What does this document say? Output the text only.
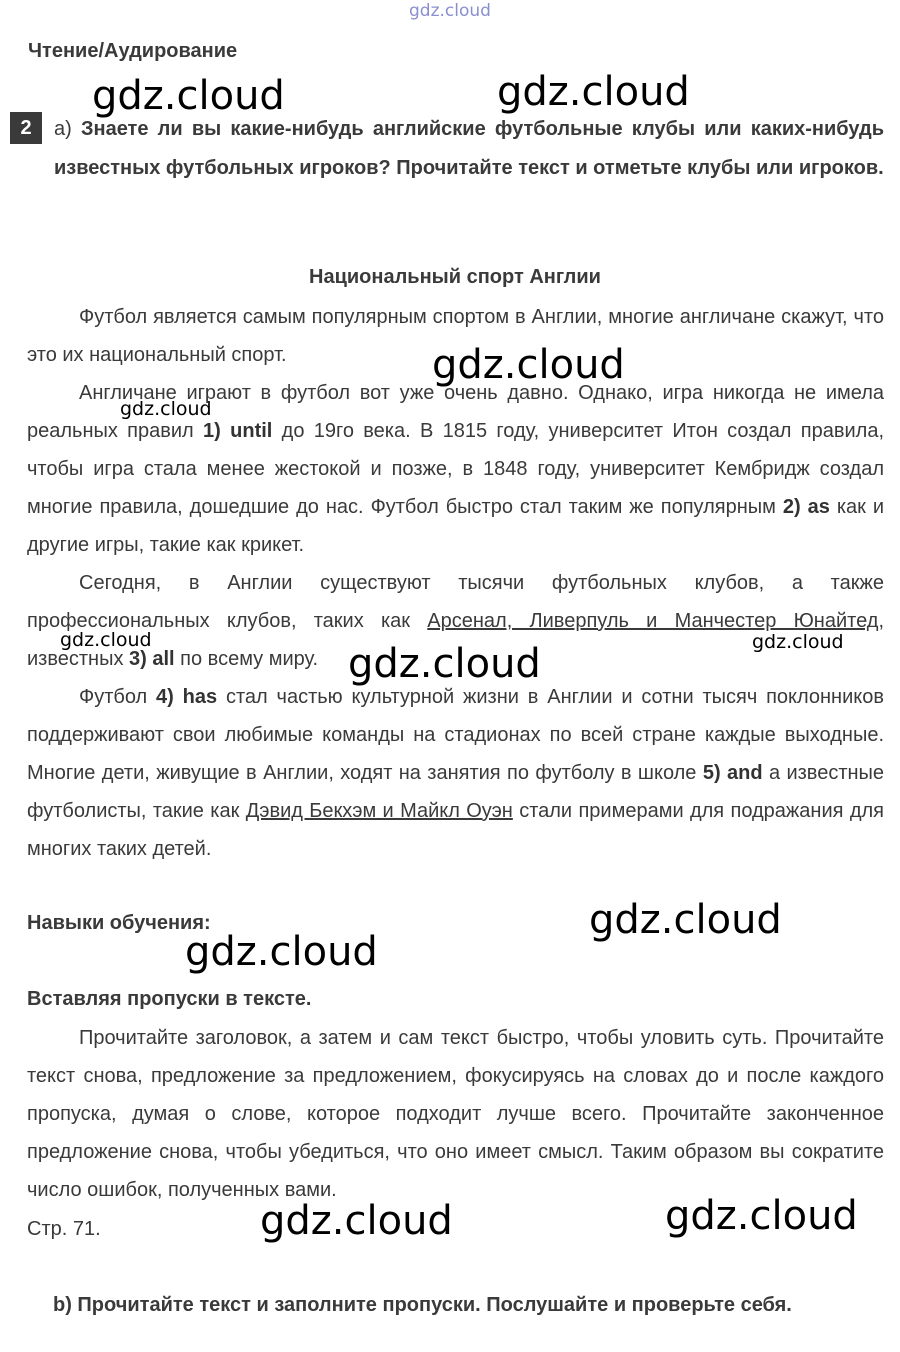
gdz.cloud
Чтение/Аудирование
2	a) Знаете ли вы какие-нибудь английские футбольные клубы или каких-нибудь известных футбольных игроков? Прочитайте текст и отметьте клубы или игроков.
Национальный спорт Англии
Футбол является самым популярным спортом в Англии, многие англичане скажут, что это их национальный спорт.
Англичане играют в футбол вот уже очень давно. Однако, игра никогда не имела реальных правил 1) until до 19го века. В 1815 году, университет Итон создал правила, чтобы игра стала менее жестокой и позже, в 1848 году, университет Кембридж создал многие правила, дошедшие до нас. Футбол быстро стал таким же популярным 2) as как и другие игры, такие как крикет.
Сегодня, в Англии существуют тысячи футбольных клубов, а также профессиональных клубов, таких как Арсенал, Ливерпуль и Манчестер Юнайтед, известных 3) all по всему миру.
Футбол 4) has стал частью культурной жизни в Англии и сотни тысяч поклонников поддерживают свои любимые команды на стадионах по всей стране каждые выходные. Многие дети, живущие в Англии, ходят на занятия по футболу в школе 5) and а известные футболисты, такие как Дэвид Бекхэм и Майкл Оуэн стали примерами для подражания для многих таких детей.
Навыки обучения:
Вставляя пропуски в тексте.
Прочитайте заголовок, а затем и сам текст быстро, чтобы уловить суть. Прочитайте текст снова, предложение за предложением, фокусируясь на словах до и после каждого пропуска, думая о слове, которое подходит лучше всего. Прочитайте законченное предложение снова, чтобы убедиться, что оно имеет смысл. Таким образом вы сократите число ошибок, полученных вами.
Стр. 71.
b) Прочитайте текст и заполните пропуски. Послушайте и проверьте себя.
gdz.cloud	gdz.cloud
gdz.cloud
gdz.cloud
gdz.cloud	gdz.cloud
gdz.cloud
gdz.cloud
gdz.cloud
gdz.cloud	gdz.cloud
